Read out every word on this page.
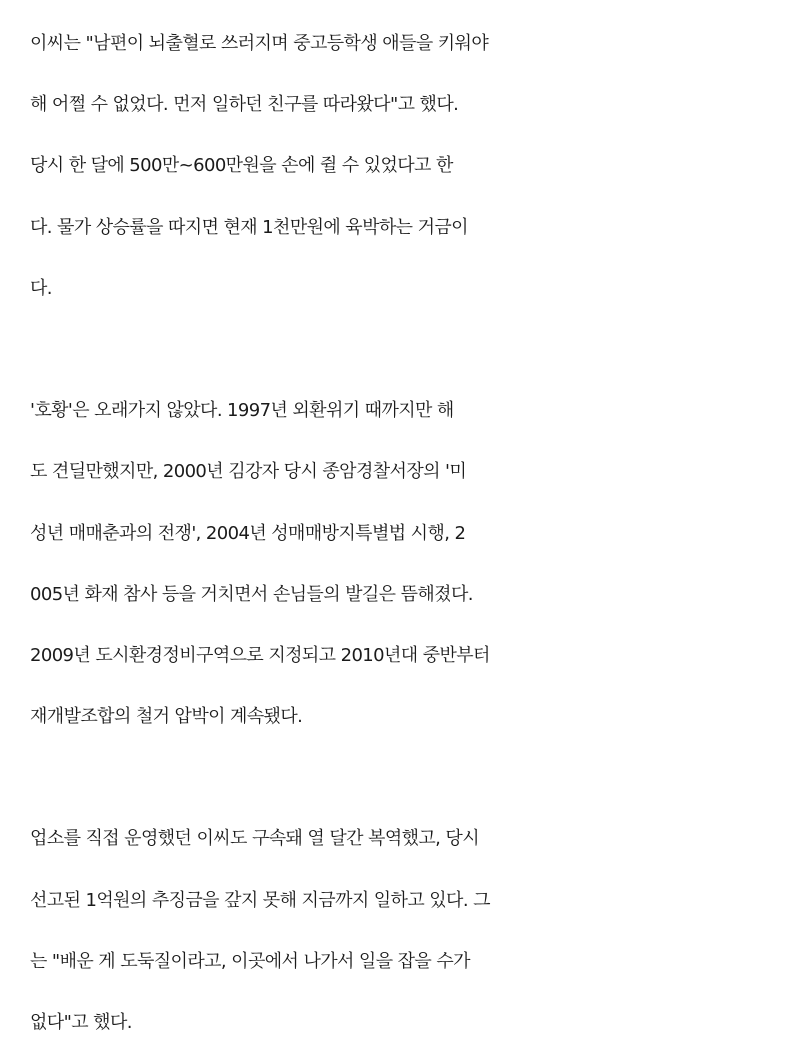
이씨는 "남편이 뇌출혈로 쓰러지며 중고등학생 애들을 키워야
해 어쩔 수 없었다. 먼저 일하던 친구를 따라왔다"고 했다.
당시 한 달에 500만~600만원을 손에 쥘 수 있었다고 한
다. 물가 상승률을 따지면 현재 1천만원에 육박하는 거금이
다.
'호황'은 오래가지 않았다. 1997년 외환위기 때까지만 해
도 견딜만했지만, 2000년 김강자 당시 종암경찰서장의 '미
성년 매매춘과의 전쟁', 2004년 성매매방지특별법 시행, 2
005년 화재 참사 등을 거치면서 손님들의 발길은 뜸해졌다.
2009년 도시환경정비구역으로 지정되고 2010년대 중반부터
재개발조합의 철거 압박이 계속됐다.
업소를 직접 운영했던 이씨도 구속돼 열 달간 복역했고, 당시
선고된 1억원의 추징금을 갚지 못해 지금까지 일하고 있다. 그
는 "배운 게 도둑질이라고, 이곳에서 나가서 일을 잡을 수가
없다"고 했다.
